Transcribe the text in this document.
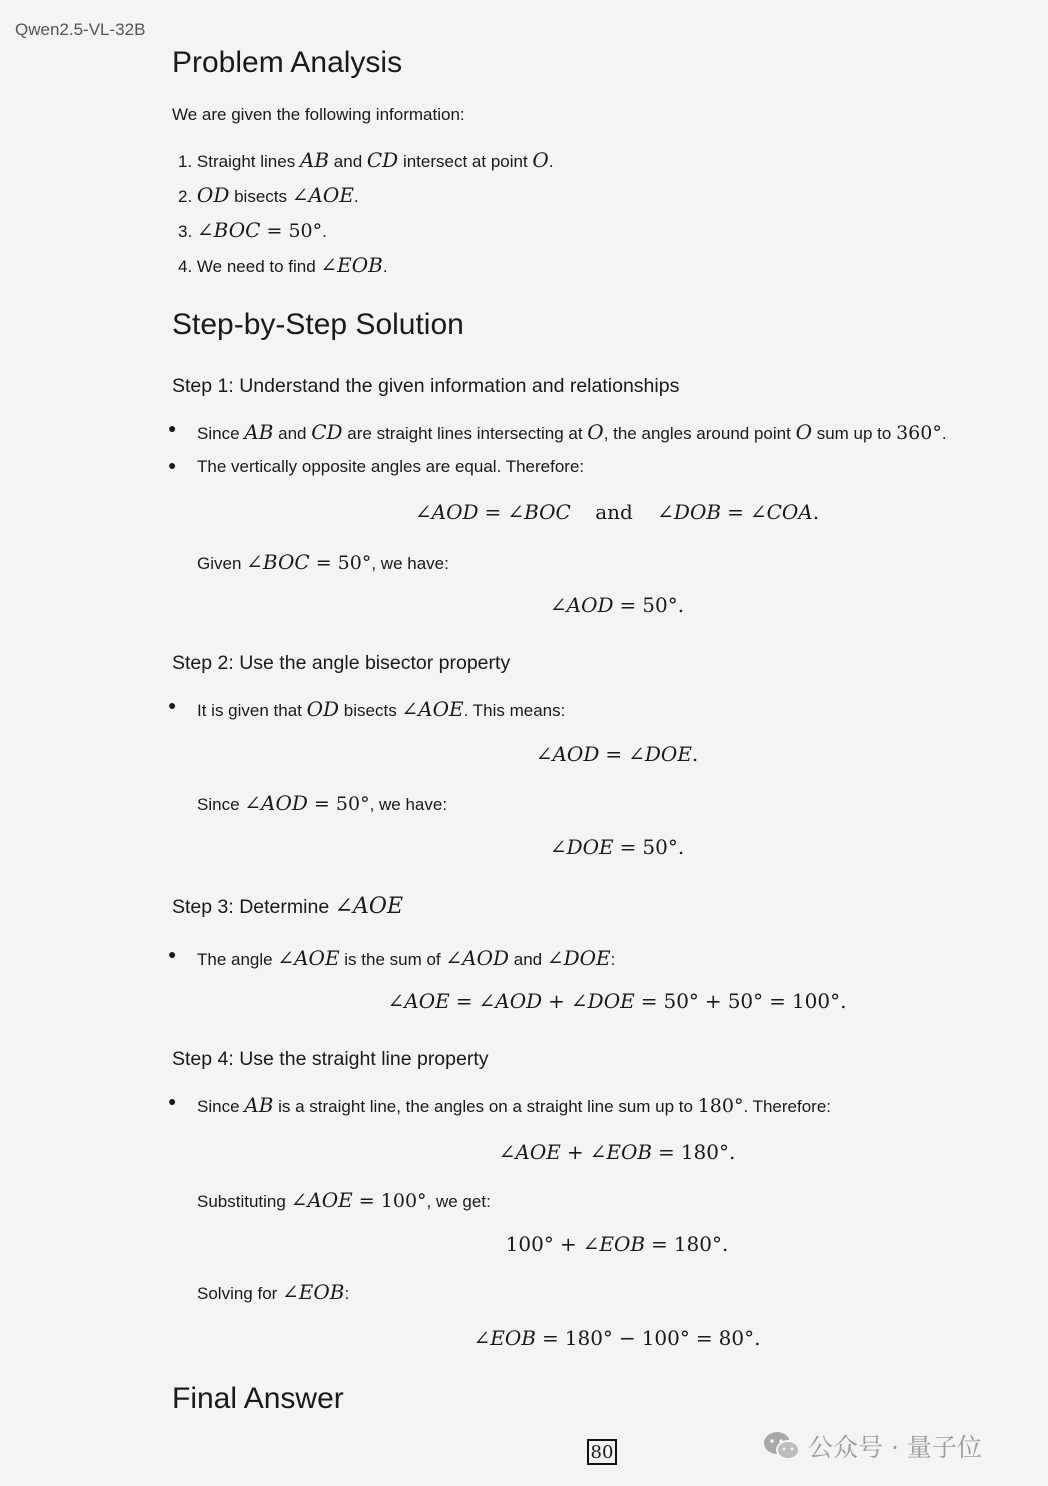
Qwen2.5-VL-32B
Problem Analysis
We are given the following information:
1. Straight lines AB and CD intersect at point O.
2. OD bisects ∠AOE.
3. ∠BOC = 50°.
4. We need to find ∠EOB.
Step-by-Step Solution
Step 1: Understand the given information and relationships
● Since AB and CD are straight lines intersecting at O, the angles around point O sum up to 360°.
● The vertically opposite angles are equal. Therefore:
∠AOD = ∠BOC and ∠DOB = ∠COA.
Given ∠BOC = 50°, we have:
∠AOD = 50°.
Step 2: Use the angle bisector property
● It is given that OD bisects ∠AOE. This means:
∠AOD = ∠DOE.
Since ∠AOD = 50°, we have:
∠DOE = 50°.
Step 3: Determine ∠AOE
● The angle ∠AOE is the sum of ∠AOD and ∠DOE:
∠AOE = ∠AOD + ∠DOE = 50° + 50° = 100°.
Step 4: Use the straight line property
● Since AB is a straight line, the angles on a straight line sum up to 180°. Therefore:
∠AOE + ∠EOB = 180°.
Substituting ∠AOE = 100°, we get:
100° + ∠EOB = 180°.
Solving for ∠EOB:
∠EOB = 180° − 100° = 80°.
Final Answer
80	公众号 · 量子位
